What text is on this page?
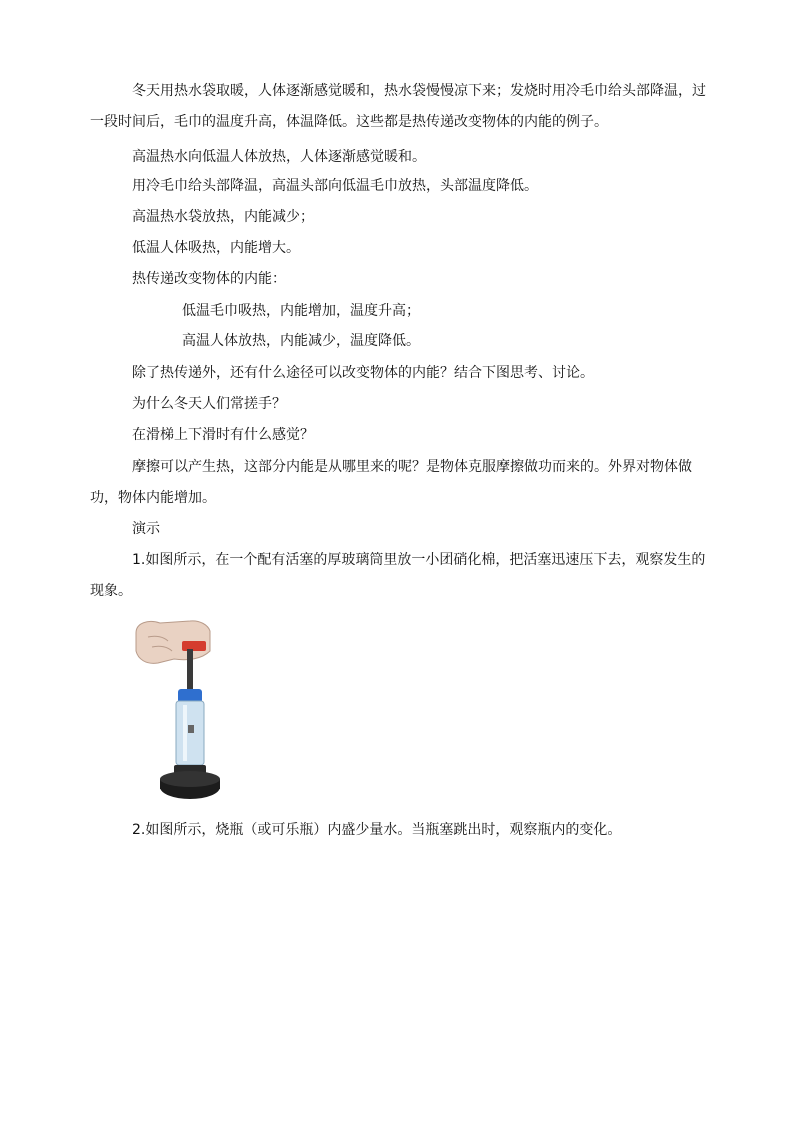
冬天用热水袋取暖，人体逐渐感觉暖和，热水袋慢慢凉下来；发烧时用冷毛巾给头部降温，过一段时间后，毛巾的温度升高，体温降低。这些都是热传递改变物体的内能的例子。
高温热水向低温人体放热，人体逐渐感觉暖和。
用冷毛巾给头部降温，高温头部向低温毛巾放热，头部温度降低。
高温热水袋放热，内能减少；
低温人体吸热，内能增大。
热传递改变物体的内能：
低温毛巾吸热，内能增加，温度升高；
高温人体放热，内能减少，温度降低。
除了热传递外，还有什么途径可以改变物体的内能？结合下图思考、讨论。
为什么冬天人们常搓手？
在滑梯上下滑时有什么感觉？
摩擦可以产生热，这部分内能是从哪里来的呢？是物体克服摩擦做功而来的。外界对物体做功，物体内能增加。
演示
1.如图所示，在一个配有活塞的厚玻璃筒里放一小团硝化棉，把活塞迅速压下去，观察发生的现象。
2.如图所示，烧瓶（或可乐瓶）内盛少量水。当瓶塞跳出时，观察瓶内的变化。
